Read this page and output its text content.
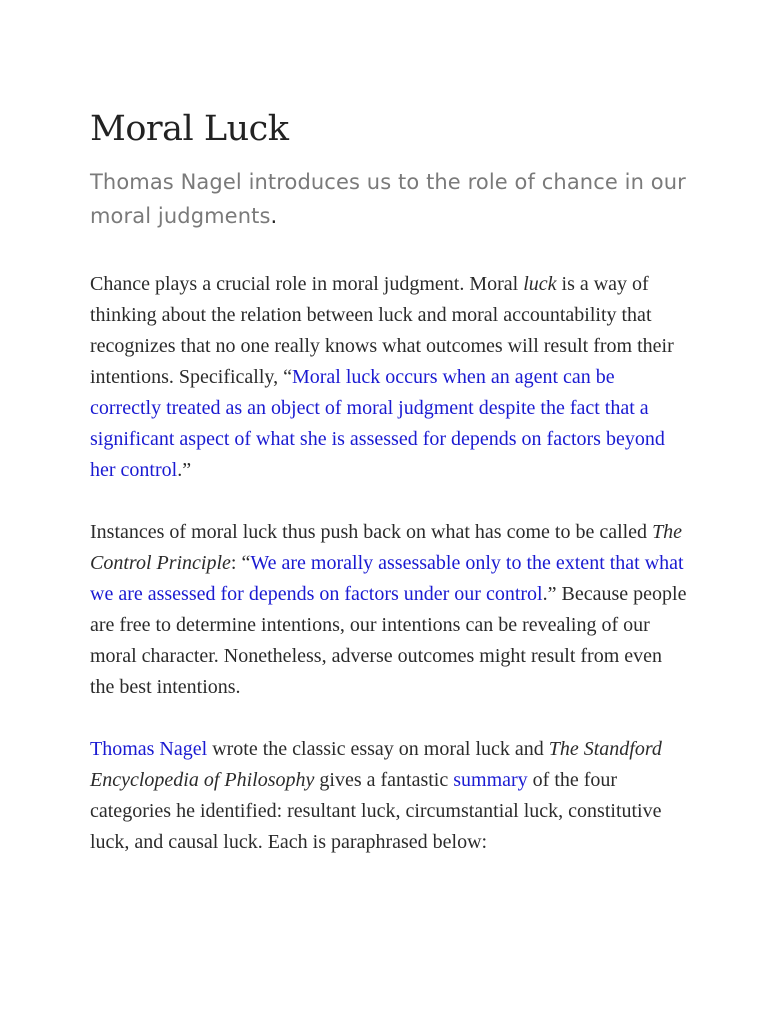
Moral Luck

Thomas Nagel introduces us to the role of chance in our moral judgments.

Chance plays a crucial role in moral judgment. Moral luck is a way of thinking about the relation between luck and moral accountability that recognizes that no one really knows what outcomes will result from their intentions. Specifically, “Moral luck occurs when an agent can be correctly treated as an object of moral judgment despite the fact that a significant aspect of what she is assessed for depends on factors beyond her control.”

Instances of moral luck thus push back on what has come to be called The Control Principle: “We are morally assessable only to the extent that what we are assessed for depends on factors under our control.” Because people are free to determine intentions, our intentions can be revealing of our moral character. Nonetheless, adverse outcomes might result from even the best intentions.

Thomas Nagel wrote the classic essay on moral luck and The Standford Encyclopedia of Philosophy gives a fantastic summary of the four categories he identified: resultant luck, circumstantial luck, constitutive luck, and causal luck. Each is paraphrased below:
